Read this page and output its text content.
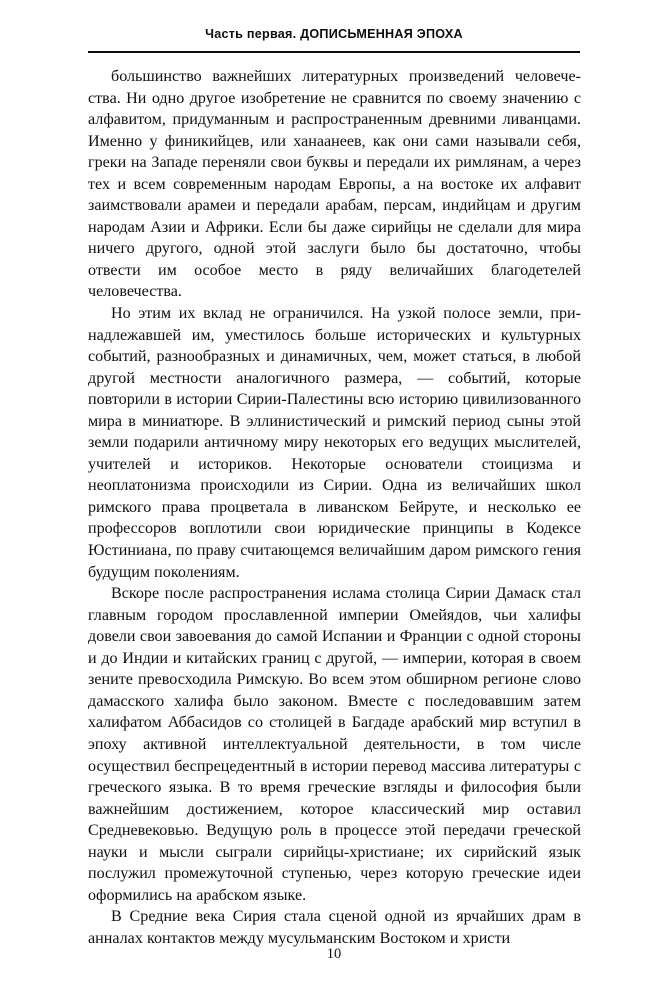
Часть первая. ДОПИСЬМЕННАЯ ЭПОХА

большинство важнейших литературных произведений человечества. Ни одно другое изобретение не сравнится по своему значению с алфавитом, придуманным и распространенным древними ливанцами. Именно у финикийцев, или ханаанеев, как они сами называли себя, греки на Западе переняли свои буквы и передали их римлянам, а через тех и всем современным народам Европы, а на востоке их алфавит заимствовали арамеи и передали арабам, персам, индийцам и другим народам Азии и Африки. Если бы даже сирийцы не сделали для мира ничего другого, одной этой заслуги было бы достаточно, чтобы отвести им особое место в ряду величайших благодетелей человечества.

Но этим их вклад не ограничился. На узкой полосе земли, принадлежавшей им, уместилось больше исторических и культурных событий, разнообразных и динамичных, чем, может статься, в любой другой местности аналогичного размера, — событий, которые повторили в истории Сирии-Палестины всю историю цивилизованного мира в миниатюре. В эллинистический и римский период сыны этой земли подарили античному миру некоторых его ведущих мыслителей, учителей и историков. Некоторые основатели стоицизма и неоплатонизма происходили из Сирии. Одна из величайших школ римского права процветала в ливанском Бейруте, и несколько ее профессоров воплотили свои юридические принципы в Кодексе Юстиниана, по праву считающемся величайшим даром римского гения будущим поколениям.

Вскоре после распространения ислама столица Сирии Дамаск стал главным городом прославленной империи Омейядов, чьи халифы довели свои завоевания до самой Испании и Франции с одной стороны и до Индии и китайских границ с другой, — империи, которая в своем зените превосходила Римскую. Во всем этом обширном регионе слово дамасского халифа было законом. Вместе с последовавшим затем халифатом Аббасидов со столицей в Багдаде арабский мир вступил в эпоху активной интеллектуальной деятельности, в том числе осуществил беспрецедентный в истории перевод массива литературы с греческого языка. В то время греческие взгляды и философия были важнейшим достижением, которое классический мир оставил Средневековью. Ведущую роль в процессе этой передачи греческой науки и мысли сыграли сирийцы-христиане; их сирийский язык послужил промежуточной ступенью, через которую греческие идеи оформились на арабском языке.

В Средние века Сирия стала сценой одной из ярчайших драм в анналах контактов между мусульманским Востоком и христи

10
